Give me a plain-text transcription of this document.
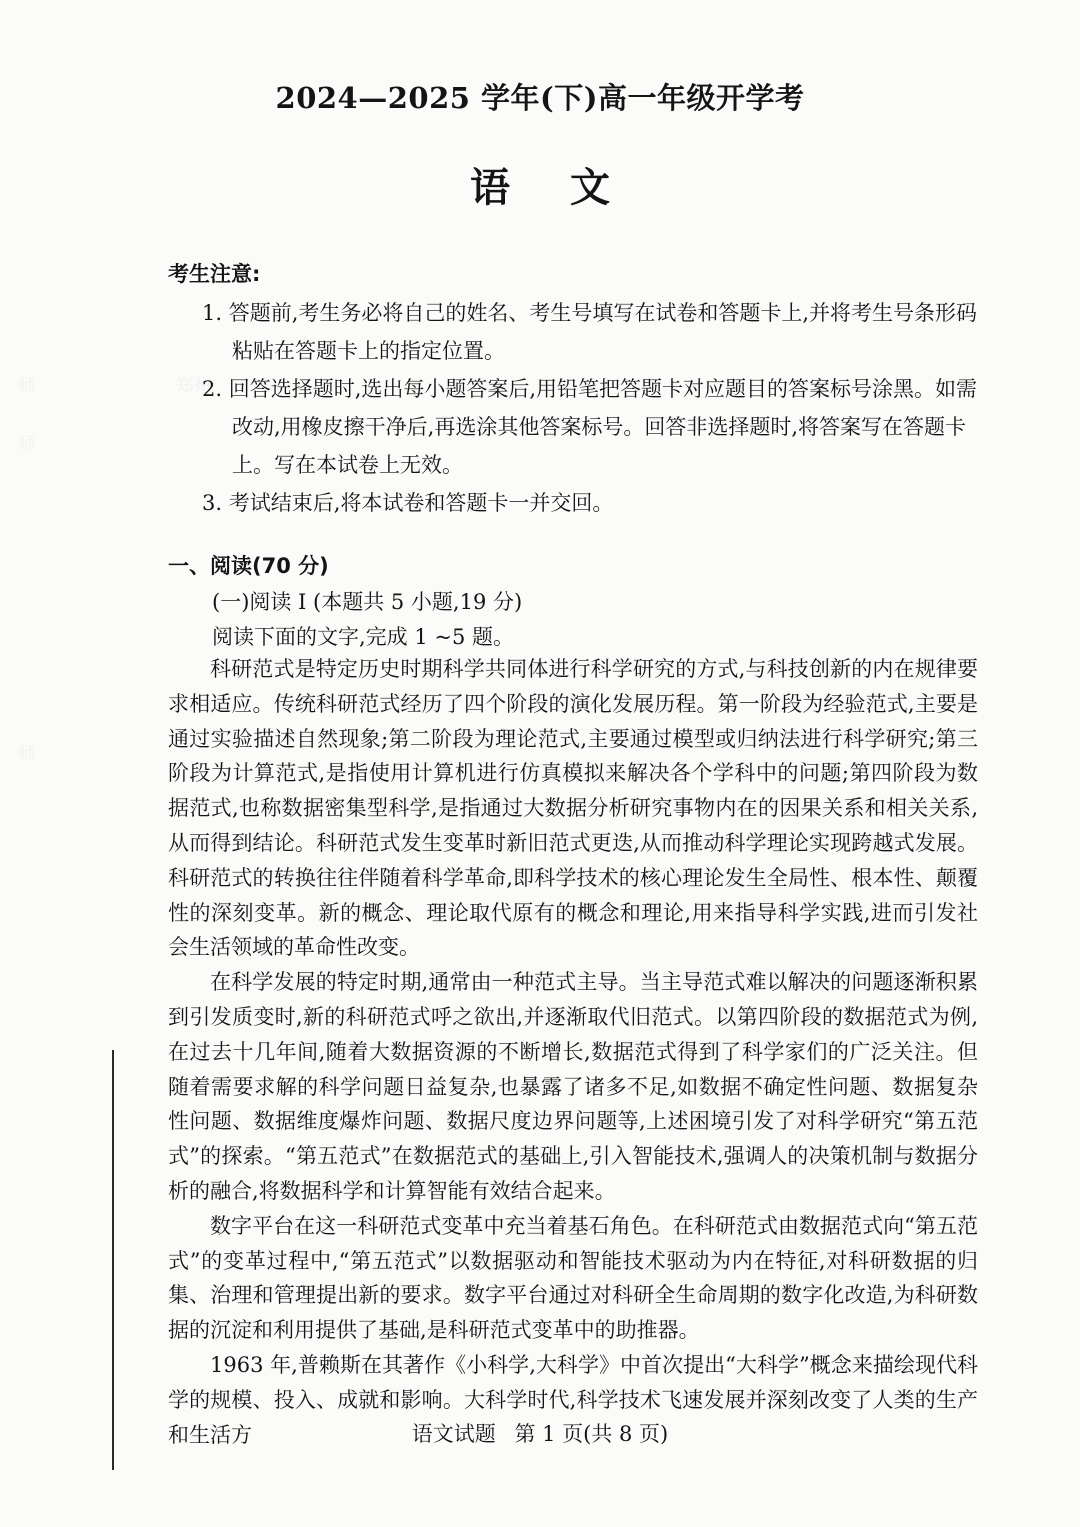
师	郑州
师
师
2024—2025 学年(下)高一年级开学考
语 文
考生注意:
1. 答题前,考生务必将自己的姓名、考生号填写在试卷和答题卡上,并将考生号条形码粘贴在答题卡上的指定位置。
2. 回答选择题时,选出每小题答案后,用铅笔把答题卡对应题目的答案标号涂黑。如需改动,用橡皮擦干净后,再选涂其他答案标号。回答非选择题时,将答案写在答题卡上。写在本试卷上无效。
3. 考试结束后,将本试卷和答题卡一并交回。
一、阅读(70 分)
(一)阅读 I (本题共 5 小题,19 分)
阅读下面的文字,完成 1 ~5 题。

科研范式是特定历史时期科学共同体进行科学研究的方式,与科技创新的内在规律要求相适应。传统科研范式经历了四个阶段的演化发展历程。第一阶段为经验范式,主要是通过实验描述自然现象;第二阶段为理论范式,主要通过模型或归纳法进行科学研究;第三阶段为计算范式,是指使用计算机进行仿真模拟来解决各个学科中的问题;第四阶段为数据范式,也称数据密集型科学,是指通过大数据分析研究事物内在的因果关系和相关关系,从而得到结论。科研范式发生变革时新旧范式更迭,从而推动科学理论实现跨越式发展。科研范式的转换往往伴随着科学革命,即科学技术的核心理论发生全局性、根本性、颠覆性的深刻变革。新的概念、理论取代原有的概念和理论,用来指导科学实践,进而引发社会生活领域的革命性改变。

在科学发展的特定时期,通常由一种范式主导。当主导范式难以解决的问题逐渐积累到引发质变时,新的科研范式呼之欲出,并逐渐取代旧范式。以第四阶段的数据范式为例,在过去十几年间,随着大数据资源的不断增长,数据范式得到了科学家们的广泛关注。但随着需要求解的科学问题日益复杂,也暴露了诸多不足,如数据不确定性问题、数据复杂性问题、数据维度爆炸问题、数据尺度边界问题等,上述困境引发了对科学研究“第五范式”的探索。“第五范式”在数据范式的基础上,引入智能技术,强调人的决策机制与数据分析的融合,将数据科学和计算智能有效结合起来。

数字平台在这一科研范式变革中充当着基石角色。在科研范式由数据范式向“第五范式”的变革过程中,“第五范式”以数据驱动和智能技术驱动为内在特征,对科研数据的归集、治理和管理提出新的要求。数字平台通过对科研全生命周期的数字化改造,为科研数据的沉淀和利用提供了基础,是科研范式变革中的助推器。

1963 年,普赖斯在其著作《小科学,大科学》中首次提出“大科学”概念来描绘现代科学的规模、投入、成就和影响。大科学时代,科学技术飞速发展并深刻改变了人类的生产和生活方	语文试题 第 1 页(共 8 页)
